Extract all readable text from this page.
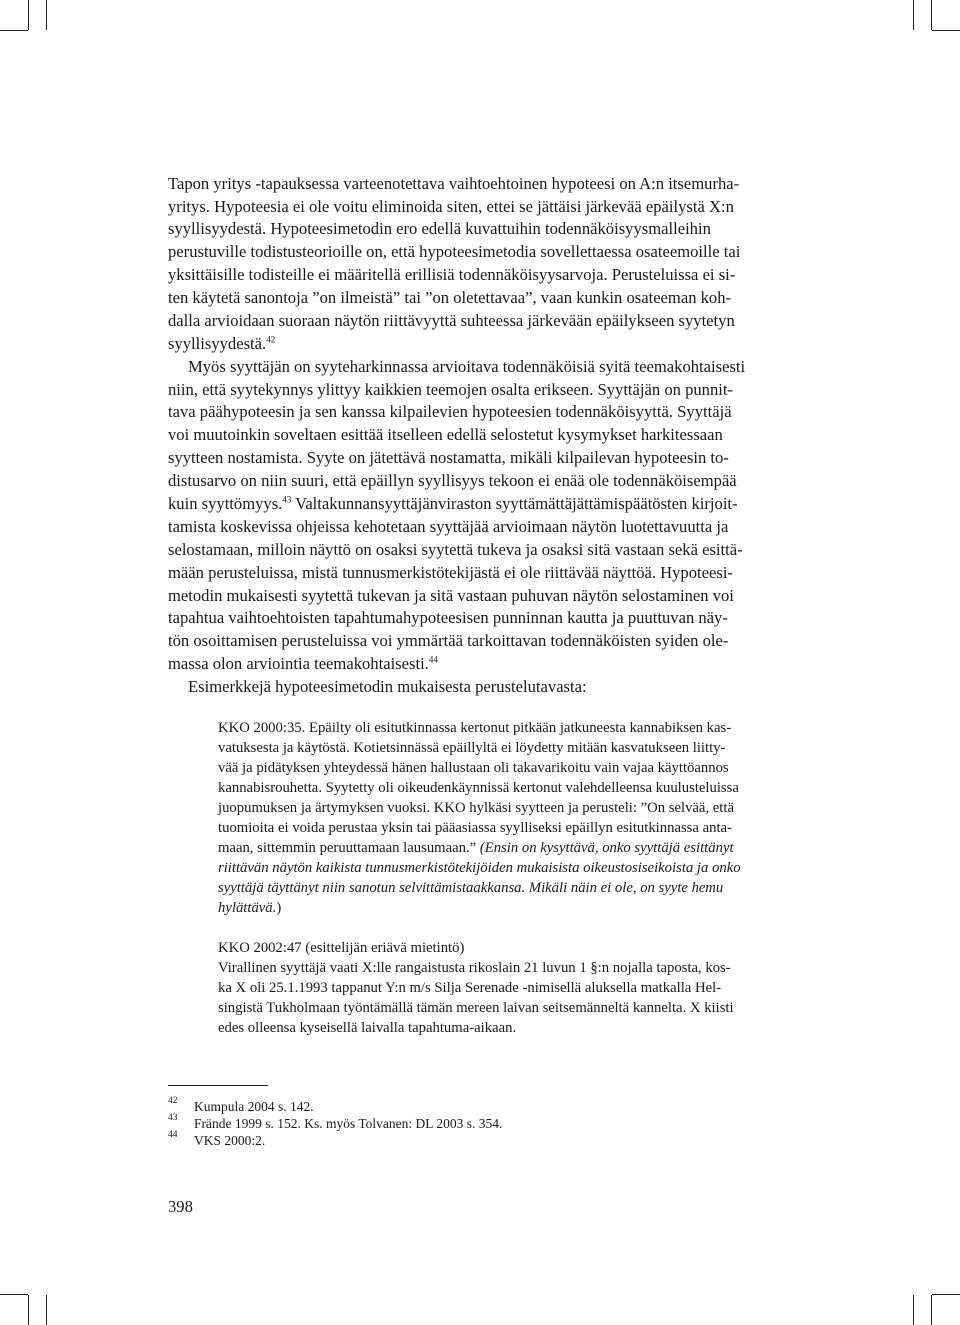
Tapon yritys -tapauksessa varteenotettava vaihtoehtoinen hypoteesi on A:n itsemurha-
yritys. Hypoteesia ei ole voitu eliminoida siten, ettei se jättäisi järkevää epäilystä X:n
syyllisyydestä. Hypoteesimetodin ero edellä kuvattuihin todennäköisyysmalleihin
perustuville todistusteorioille on, että hypoteesimetodia sovellettaessa osateemoille tai
yksittäisille todisteille ei määritellä erillisiä todennäköisyysarvoja. Perusteluissa ei si-
ten käytetä sanontoja ”on ilmeistä” tai ”on oletettavaa”, vaan kunkin osateeman koh-
dalla arvioidaan suoraan näytön riittävyyttä suhteessa järkevään epäilykseen syytetyn
syyllisyydestä.$^{42}$
Myös syyttäjän on syyteharkinnassa arvioitava todennäköisiä syitä teemakohtaisesti
niin, että syytekynnys ylittyy kaikkien teemojen osalta erikseen. Syyttäjän on punnit-
tava päähypoteesin ja sen kanssa kilpailevien hypoteesien todennäköisyyttä. Syyttäjä
voi muutoinkin soveltaen esittää itselleen edellä selostetut kysymykset harkitessaan
syytteen nostamista. Syyte on jätettävä nostamatta, mikäli kilpailevan hypoteesin to-
distusarvo on niin suuri, että epäillyn syyllisyys tekoon ei enää ole todennäköisempää
kuin syyttömyys.$^{43}$ Valtakunnansyyttäjänviraston syyttämättäjättämispäätösten kirjoit-
tamista koskevissa ohjeissa kehotetaan syyttäjää arvioimaan näytön luotettavuutta ja
selostamaan, milloin näyttö on osaksi syytettä tukeva ja osaksi sitä vastaan sekä esittä-
mään perusteluissa, mistä tunnusmerkistötekijästä ei ole riittävää näyttöä. Hypoteesi-
metodin mukaisesti syytettä tukevan ja sitä vastaan puhuvan näytön selostaminen voi
tapahtua vaihtoehtoisten tapahtumahypoteesisen punninnan kautta ja puuttuvan näy-
tön osoittamisen perusteluissa voi ymmärtää tarkoittavan todennäköisten syiden ole-
massa olon arviointia teemakohtaisesti.$^{44}$
Esimerkkejä hypoteesimetodin mukaisesta perustelutavasta:
KKO 2000:35. Epäilty oli esitutkinnassa kertonut pitkään jatkuneesta kannabiksen kas-
vatuksesta ja käytöstä. Kotietsinnässä epäillyltä ei löydetty mitään kasvatukseen liitty-
vää ja pidätyksen yhteydessä hänen hallustaan oli takavarikoitu vain vajaa käyttöannos
kannabisrouhetta. Syytetty oli oikeudenkäynnissä kertonut valehdelleensa kuulusteluissa
juopumuksen ja ärtymyksen vuoksi. KKO hylkäsi syytteen ja perusteli: ”On selvää, että
tuomioita ei voida perustaa yksin tai pääasiassa syylliseksi epäillyn esitutkinnassa anta-
maan, sittemmin peruuttamaan lausumaan.” (Ensin on kysyttävä, onko syyttäjä esittänyt
riittävän näytön kaikista tunnusmerkistötekijöiden mukaisista oikeustosiseikoista ja onko
syyttäjä täyttänyt niin sanotun selvittämistaakkansa. Mikäli näin ei ole, on syyte hети
hylättävä.)
KKO 2002:47 (esittelijän eriävä mietintö)
Virallinen syyttäjä vaati X:lle rangaistusta rikoslain 21 luvun 1 §:n nojalla taposta, kos-
ka X oli 25.1.1993 tappanut Y:n m/s Silja Serenade -nimisellä aluksella matkalla Hel-
singistä Tukholmaan työntämällä tämän mereen laivan seitsemänneltä kannelta. X kiisti
edes olleensa kyseisellä laivalla tapahtuma-aikaan.
42 Kumpula 2004 s. 142.
43 Frände 1999 s. 152. Ks. myös Tolvanen: DL 2003 s. 354.
44 VKS 2000:2.
398
